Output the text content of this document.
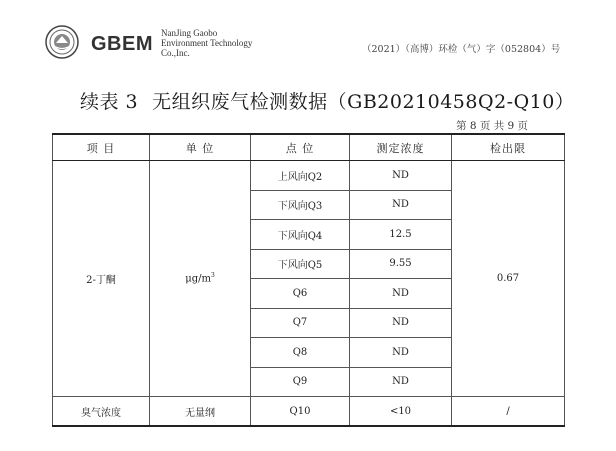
GBEM NanJing Gaobo
Environment Technology
Co.,Inc.	（2021）（高博）环检（气）字（052804）号
续表 3 无组织废气检测数据（GB20210458Q2-Q10）
第 8 页 共 9 页
项 目	单 位	点 位	测定浓度	检出限
2-丁酮	$\mu g/m^3$	上风向Q2	ND	0.67
		下风向Q3	ND	
		下风向Q4	12.5	
		下风向Q5	9.55	
		Q6	ND	
		Q7	ND	
		Q8	ND	
		Q9	ND	
臭气浓度	无量纲	Q10	<10	/
